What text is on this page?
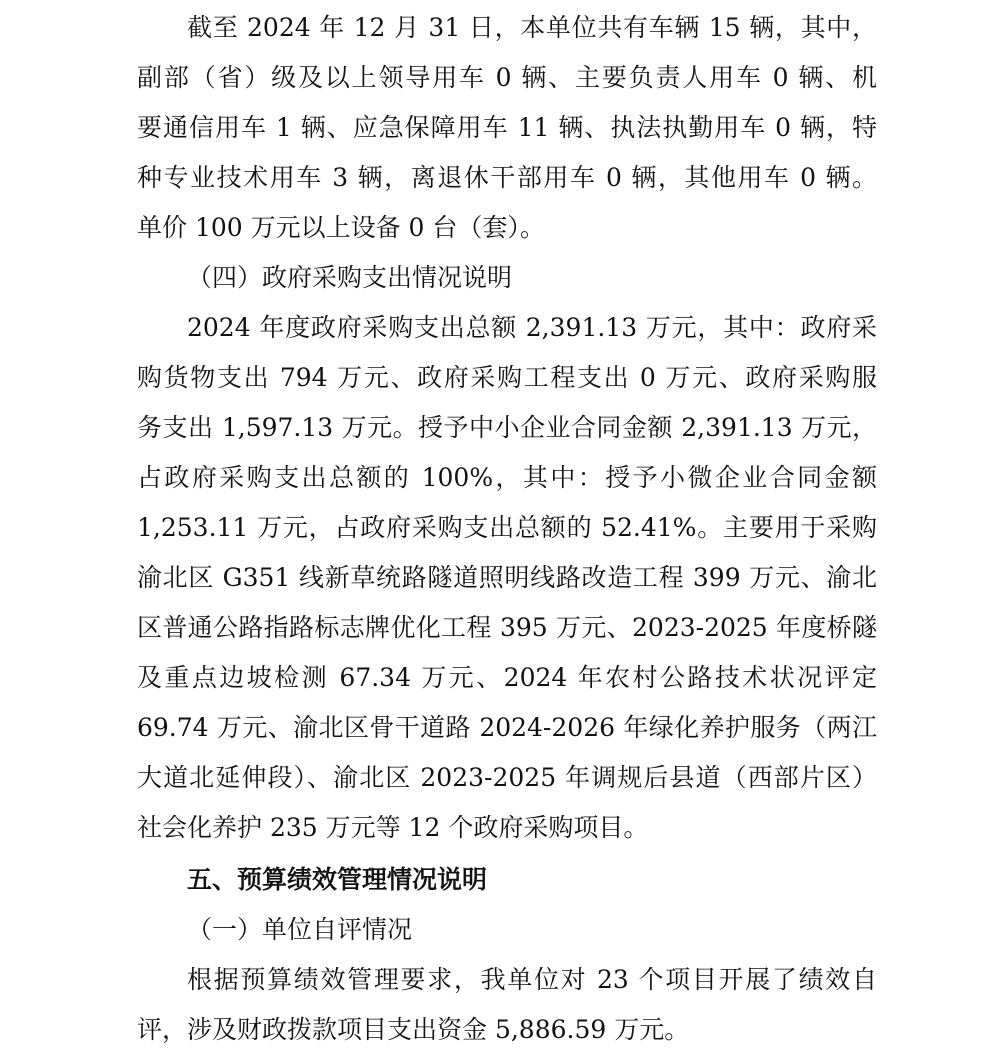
截至 2024 年 12 月 31 日，本单位共有车辆 15 辆，其中，
副部（省）级及以上领导用车 0 辆、主要负责人用车 0 辆、机
要通信用车 1 辆、应急保障用车 11 辆、执法执勤用车 0 辆，特
种专业技术用车 3 辆，离退休干部用车 0 辆，其他用车 0 辆。
单价 100 万元以上设备 0 台（套）。
（四）政府采购支出情况说明
2024 年度政府采购支出总额 2,391.13 万元，其中：政府采
购货物支出 794 万元、政府采购工程支出 0 万元、政府采购服
务支出 1,597.13 万元。授予中小企业合同金额 2,391.13 万元，
占政府采购支出总额的 100%，其中：授予小微企业合同金额
1,253.11 万元，占政府采购支出总额的 52.41%。主要用于采购
渝北区 G351 线新草统路隧道照明线路改造工程 399 万元、渝北
区普通公路指路标志牌优化工程 395 万元、2023-2025 年度桥隧
及重点边坡检测 67.34 万元、2024 年农村公路技术状况评定
69.74 万元、渝北区骨干道路 2024-2026 年绿化养护服务（两江
大道北延伸段）、渝北区 2023-2025 年调规后县道（西部片区）
社会化养护 235 万元等 12 个政府采购项目。
五、预算绩效管理情况说明
（一）单位自评情况
根据预算绩效管理要求，我单位对 23 个项目开展了绩效自
评，涉及财政拨款项目支出资金 5,886.59 万元。
